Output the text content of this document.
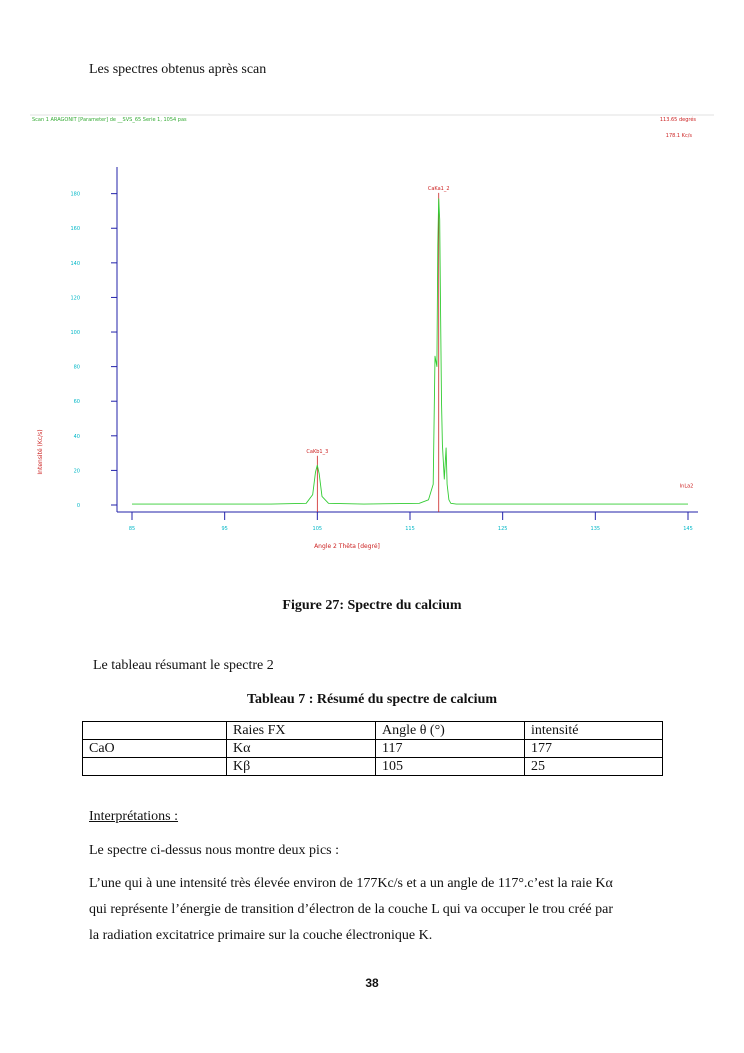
Les spectres obtenus après scan
Scan 1 ARAGONIT [Parameter] de __SVS_65 Serie 1, 1054 pas	113.65 degrés
178.1 Kc/s
0
20
40
60
80
100
120
140
160
180
85	95	105	115	125	135	145
CaKa1_2
CaKb1_3
InLa2
Angle 2 Thêta [degré]
Intensité (Kc/s)
Figure 27: Spectre du calcium
Le tableau résumant le spectre 2
Tableau 7 : Résumé du spectre de calcium
	Raies FX	Angle θ (°)	intensité
CaO	Kα	117	177
	Kβ	105	25
Interprétations :
Le spectre ci-dessus nous montre deux pics :
L’une qui à une intensité très élevée environ de 177Kc/s et a un angle de 117°.c’est la raie Kα
qui représente l’énergie de transition d’électron de la couche L qui va occuper le trou créé par
la radiation excitatrice primaire sur la couche électronique K.
38
